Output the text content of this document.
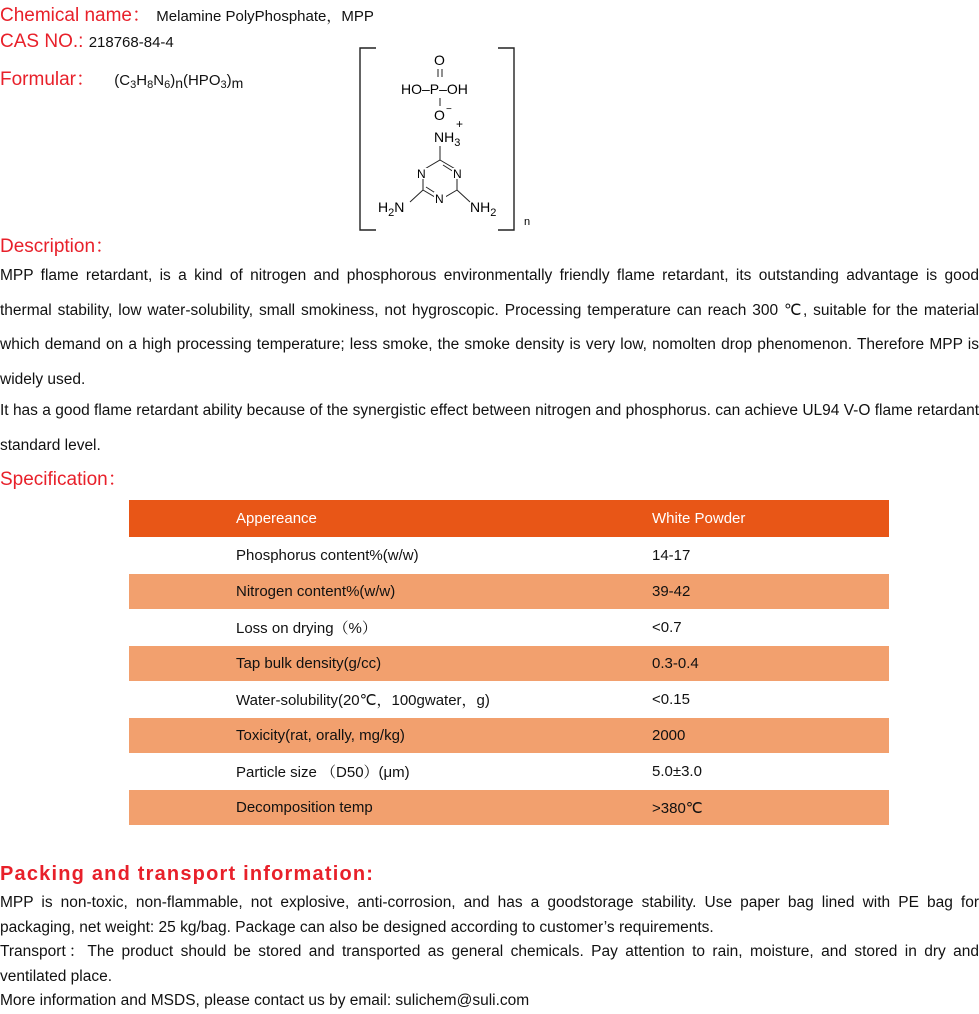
Chemical name： Melamine PolyPhosphate，MPP
CAS NO.: 218768-84-4
Formular： $(C_3H_8N_6)n(HPO_3)m$
n
O
HO–P–OH
O −
+
$NH_3$
N N
N
$H_2N$	$NH_2$
Description：
MPP flame retardant, is a kind of nitrogen and phosphorous environmentally friendly flame retardant, its outstanding advantage is good thermal stability, low water-solubility, small smokiness, not hygroscopic. Processing temperature can reach 300 ℃, suitable for the material which demand on a high processing temperature; less smoke, the smoke density is very low, nomolten drop phenomenon. Therefore MPP is widely used.
It has a good flame retardant ability because of the synergistic effect between nitrogen and phosphorus. can achieve UL94 V-O flame retardant standard level.
Specification：
Appereance	White Powder
Phosphorus content%(w/w)	14-17
Nitrogen content%(w/w)	39-42
Loss on drying（%）	<0.7
Tap bulk density(g/cc)	0.3-0.4
Water-solubility(20℃，100gwater，g)	<0.15
Toxicity(rat, orally, mg/kg)	2000
Particle size （D50）(μm)	5.0±3.0
Decomposition temp	>380℃
Packing and transport information:
MPP is non-toxic, non-flammable, not explosive, anti-corrosion, and has a goodstorage stability. Use paper bag lined with PE bag for packaging, net weight: 25 kg/bag. Package can also be designed according to customer’s requirements.
Transport：The product should be stored and transported as general chemicals. Pay attention to rain, moisture, and stored in dry and ventilated place.
More information and MSDS, please contact us by email: sulichem@suli.com
